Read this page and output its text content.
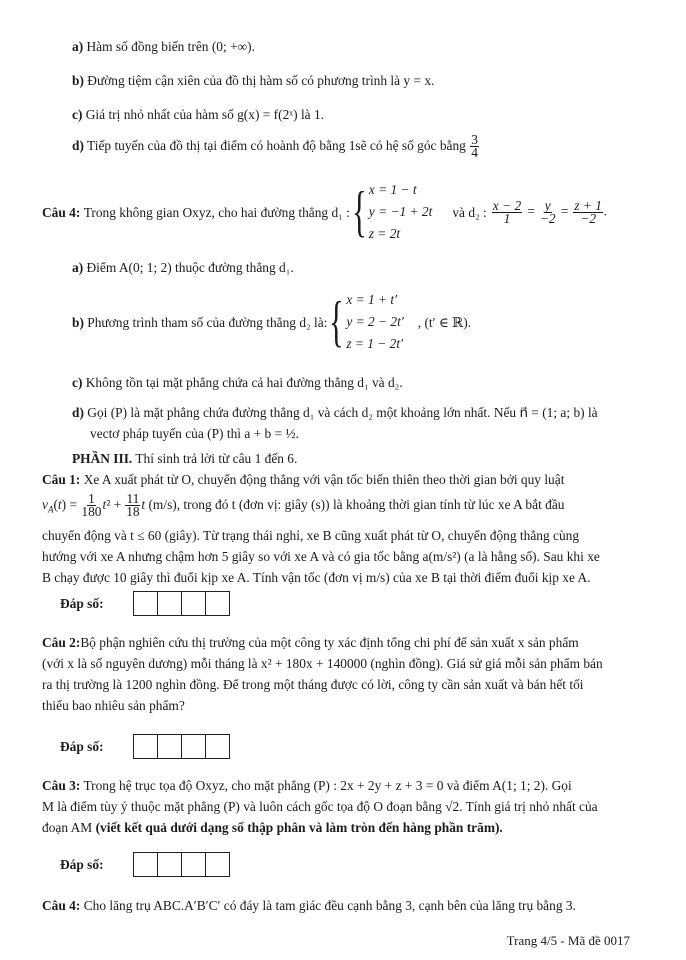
a) Hàm số đồng biến trên (0; +∞).
b) Đường tiệm cận xiên của đồ thị hàm số có phương trình là y = x.
c) Giá trị nhỏ nhất của hàm số g(x) = f(2ˣ) là 1.
d) Tiếp tuyến của đồ thị tại điểm có hoành độ bằng 1sẽ có hệ số góc bằng $\frac{3}{4}$
Câu 4:
Trong không gian Oxyz, cho hai đường thẳng d₁ : { x = 1 − t
y = −1 + 2t
z = 2t
và d₂ : $\frac{x - 2}{1} = \frac{y}{-2} = \frac{z + 1}{-2}$ .
a) Điểm A(0; 1; 2) thuộc đường thẳng d₁.
b)
Phương trình tham số của đường thẳng d₂ là: { x = 1 + t′
y = 2 − 2t′
z = 1 − 2t′
, (t′ ∈ ℝ).
c) Không tồn tại mặt phẳng chứa cả hai đường thẳng d₁ và d₂.

d) Gọi (P) là mặt phẳng chứa đường thẳng d₁ và cách d₂ một khoảng lớn nhất. Nếu n⃗ = (1; a; b) là

vectơ pháp tuyến của (P) thì a + b = ½.

PHẦN III. Thí sinh trả lời từ câu 1 đến 6.

Câu 1: Xe A xuất phát từ O, chuyển động thẳng với vận tốc biến thiên theo thời gian bởi quy luật

$v_A(t) = \frac{1}{180} t^2 + \frac{11}{18}$ t (m/s), trong đó t (đơn vị: giây (s)) là khoảng thời gian tính từ lúc xe A bắt đầu

chuyển động và t ≤ 60 (giây). Từ trạng thái nghỉ, xe B cũng xuất phát từ O, chuyển động thẳng cùng

hướng với xe A nhưng chậm hơn 5 giây so với xe A và có gia tốc bằng a(m/s²) (a là hằng số). Sau khi xe

B chạy được 10 giây thì đuổi kịp xe A. Tính vận tốc (đơn vị m/s) của xe B tại thời điểm đuổi kịp xe A.

Đáp số:

Câu 2:Bộ phận nghiên cứu thị trường của một công ty xác định tổng chi phí để sản xuất x sản phẩm

(với x là số nguyên dương) mỗi tháng là x² + 180x + 140000 (nghìn đồng). Giá sử giá mỗi sản phẩm bán

ra thị trường là 1200 nghìn đồng. Để trong một tháng được có lời, công ty cần sản xuất và bán hết tối

thiểu bao nhiêu sản phẩm?

Đáp số:

Câu 3: Trong hệ trục tọa độ Oxyz, cho mặt phẳng (P) : 2x + 2y + z + 3 = 0 và điểm A(1; 1; 2). Gọi

M là điểm tùy ý thuộc mặt phẳng (P) và luôn cách gốc tọa độ O đoạn bằng √2. Tính giá trị nhỏ nhất của

đoạn AM (viết kết quả dưới dạng số thập phân và làm tròn đến hàng phần trăm).

Đáp số:
Câu 4: Cho lăng trụ ABC.A′B′C′ có đáy là tam giác đều cạnh bằng 3, cạnh bên của lăng trụ bằng 3.
Trang 4/5 - Mã đề 0017
